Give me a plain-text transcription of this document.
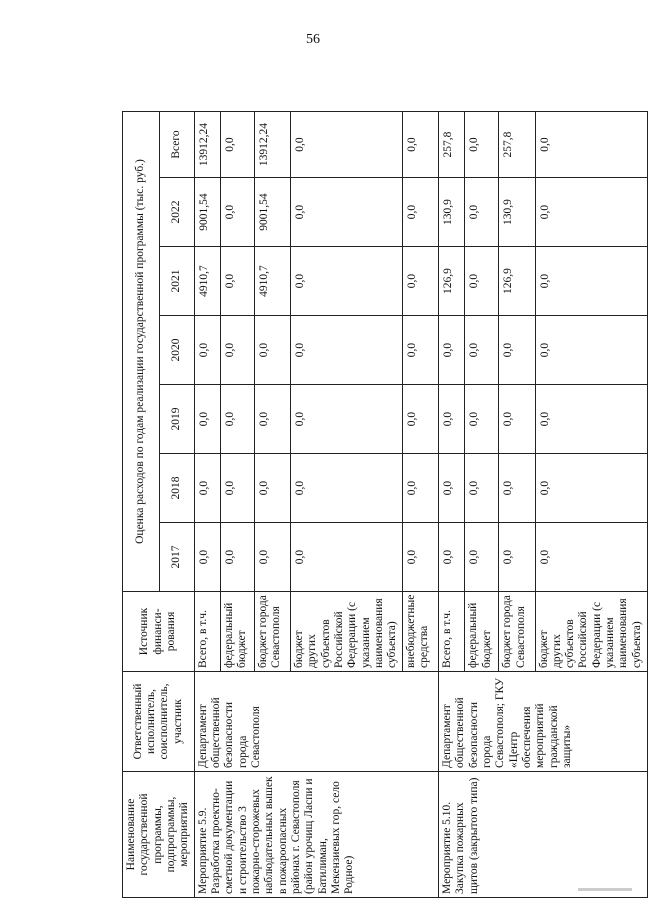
56
Наименование государственной программы, подпрограммы, мероприятий	Ответственный исполнитель, соисполнитель, участник	Источник финанси-рования	Оценка расходов по годам реализации государственной программы (тыс. руб.)						
			2017	2018	2019	2020	2021	2022	Всего
Мероприятие 5.9. Разработка проектно-сметной документации и строительство 3 пожарно-сторожевых наблюдательных вышек в пожароопасных районах г. Севастополя (район урочищ Ласпи и Батилиман, Мекензиевых гор, село Родное)	Департамент общественной безопасности города Севастополя	Всего, в т.ч.	0,0	0,0	0,0	0,0	4910,7	9001,54	13912,24
		федеральный бюджет	0,0	0,0	0,0	0,0	0,0	0,0	0,0
		бюджет города Севастополя	0,0	0,0	0,0	0,0	4910,7	9001,54	13912,24
		бюджет других субъектов Российской Федерации (с указанием наименования субъекта)	0,0	0,0	0,0	0,0	0,0	0,0	0,0
		внебюджетные средства	0,0	0,0	0,0	0,0	0,0	0,0	0,0
Мероприятие 5.10. Закупка пожарных щитов (закрытого типа)	Департамент общественной безопасности города Севастополя; ГКУ «Центр обеспечения мероприятий гражданской защиты»	Всего, в т.ч.	0,0	0,0	0,0	0,0	126,9	130,9	257,8
		федеральный бюджет	0,0	0,0	0,0	0,0	0,0	0,0	0,0
		бюджет города Севастополя	0,0	0,0	0,0	0,0	126,9	130,9	257,8
		бюджет других субъектов Российской Федерации (с указанием наименования субъекта)	0,0	0,0	0,0	0,0	0,0	0,0	0,0
